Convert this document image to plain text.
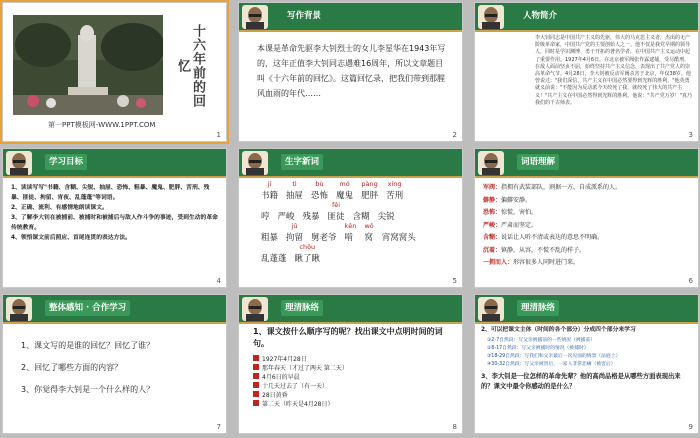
十六年前的回忆
第一PPT模板网-WWW.1PPT.COM
1
写作背景
本课是革命先驱李大钊烈士的女儿李星华在1943年写的，这年正值李大钊同志遇难16周年，所以文章题目叫《十六年前的回忆》。这篇回忆录，把我们带到那腥风血雨的年代……
2
人物简介
李大钊同志是中国共产主义的先驱，伟大的马克思主义者，杰出的无产阶级革命家，中国共产党的主要创始人之一。他不仅是我党早期的领导人，同时是学识渊博、勇于开拓的著名学者，在中国共产主义运动中起了重要作用。1927年4月6日，在北京被军阀张作霖逮捕，受尽酷刑，在敌人面前坚贞不屈，始终坚持共产主义信念，表现出了共产党人的崇高革命气节。4月28日，李大钊被反动军阀杀害于北京，年仅38岁。他曾说过："我们深信，共产主义在中国必然要得到光辉的胜利。"他英勇就义前说："不能因为反动派今天绞死了我，就绞死了伟大的共产主义！"共产主义在中国必然得到光辉的胜利。他说："共产党万岁！"真乃我们的千古师表。
3
学习目标
1、读读写写"书籍、含糊、尖锐、抽屉、恐怖、粗暴、魔鬼、肥胖、苦刑、残暴、匪徒、拘留、宵夜、乱蓬蓬"等词语。
2、正确、流利、有感情地朗读课文。
3、了解李大钊在被捕前、被捕时和被捕后与敌人作斗争的事迹，受到生动的革命传统教育。
4、领悟课文前后照应、首尾连贯的表达方法。
4
生字新词
jí
书籍
tì
抽屉
bù
恐怖
mó
魔鬼
pàng
肥胖
xíng
苦刑
哼 严峻 残暴
fěi
匪徒 含糊 尖锐
粗暴
jū
拘留 舅老爷
kēn
啃
wō
窝 宵窝窝头
乱蓬蓬
chǒu
瞅了瞅
5
词语理解
军阀：指拥有武装部队，割据一方，自成派系的人。
僻静：偏僻安静。
恐怖：惊慌，害怕。
严峻：严肃而坚定。
含糊：说话让人听不清或表达的意思不明确。
沉着：镇静，从容，不慌不乱的样子。
一拥而入：形容很多人同时进门来。
6
整体感知 · 合作学习
1、课文写的是谁的回忆？回忆了谁？
2、回忆了哪些方面的内容？
3、你觉得李大钊是一个什么样的人？
7
理清脉络
1、课文按什么顺序写的呢？找出课文中点明时间的词句。
1927年4月28日
那年春天（才过了两天 第二天）
4月6日的早晨
十几天过去了（有一天）
28日黄昏
第二天（昨天是4月28日）
8
理清脉络
2、可以把课文主体（时间的各个部分）分成四个部分来学习
①2-7自然段：写父亲被捕前的一些情况（被捕前）
②8-17自然段：写父亲被捕时的情况（被捕时）
③18-29自然段：写我们和父亲最后一次见面的情景（法庭上）
④30-32自然段：写父亲被害后，一家人非常悲痛（被害后）
3、李大钊是一位怎样的革命先辈？他的高尚品格是从哪些方面表现出来的？课文中最令你感动的是什么？
9
